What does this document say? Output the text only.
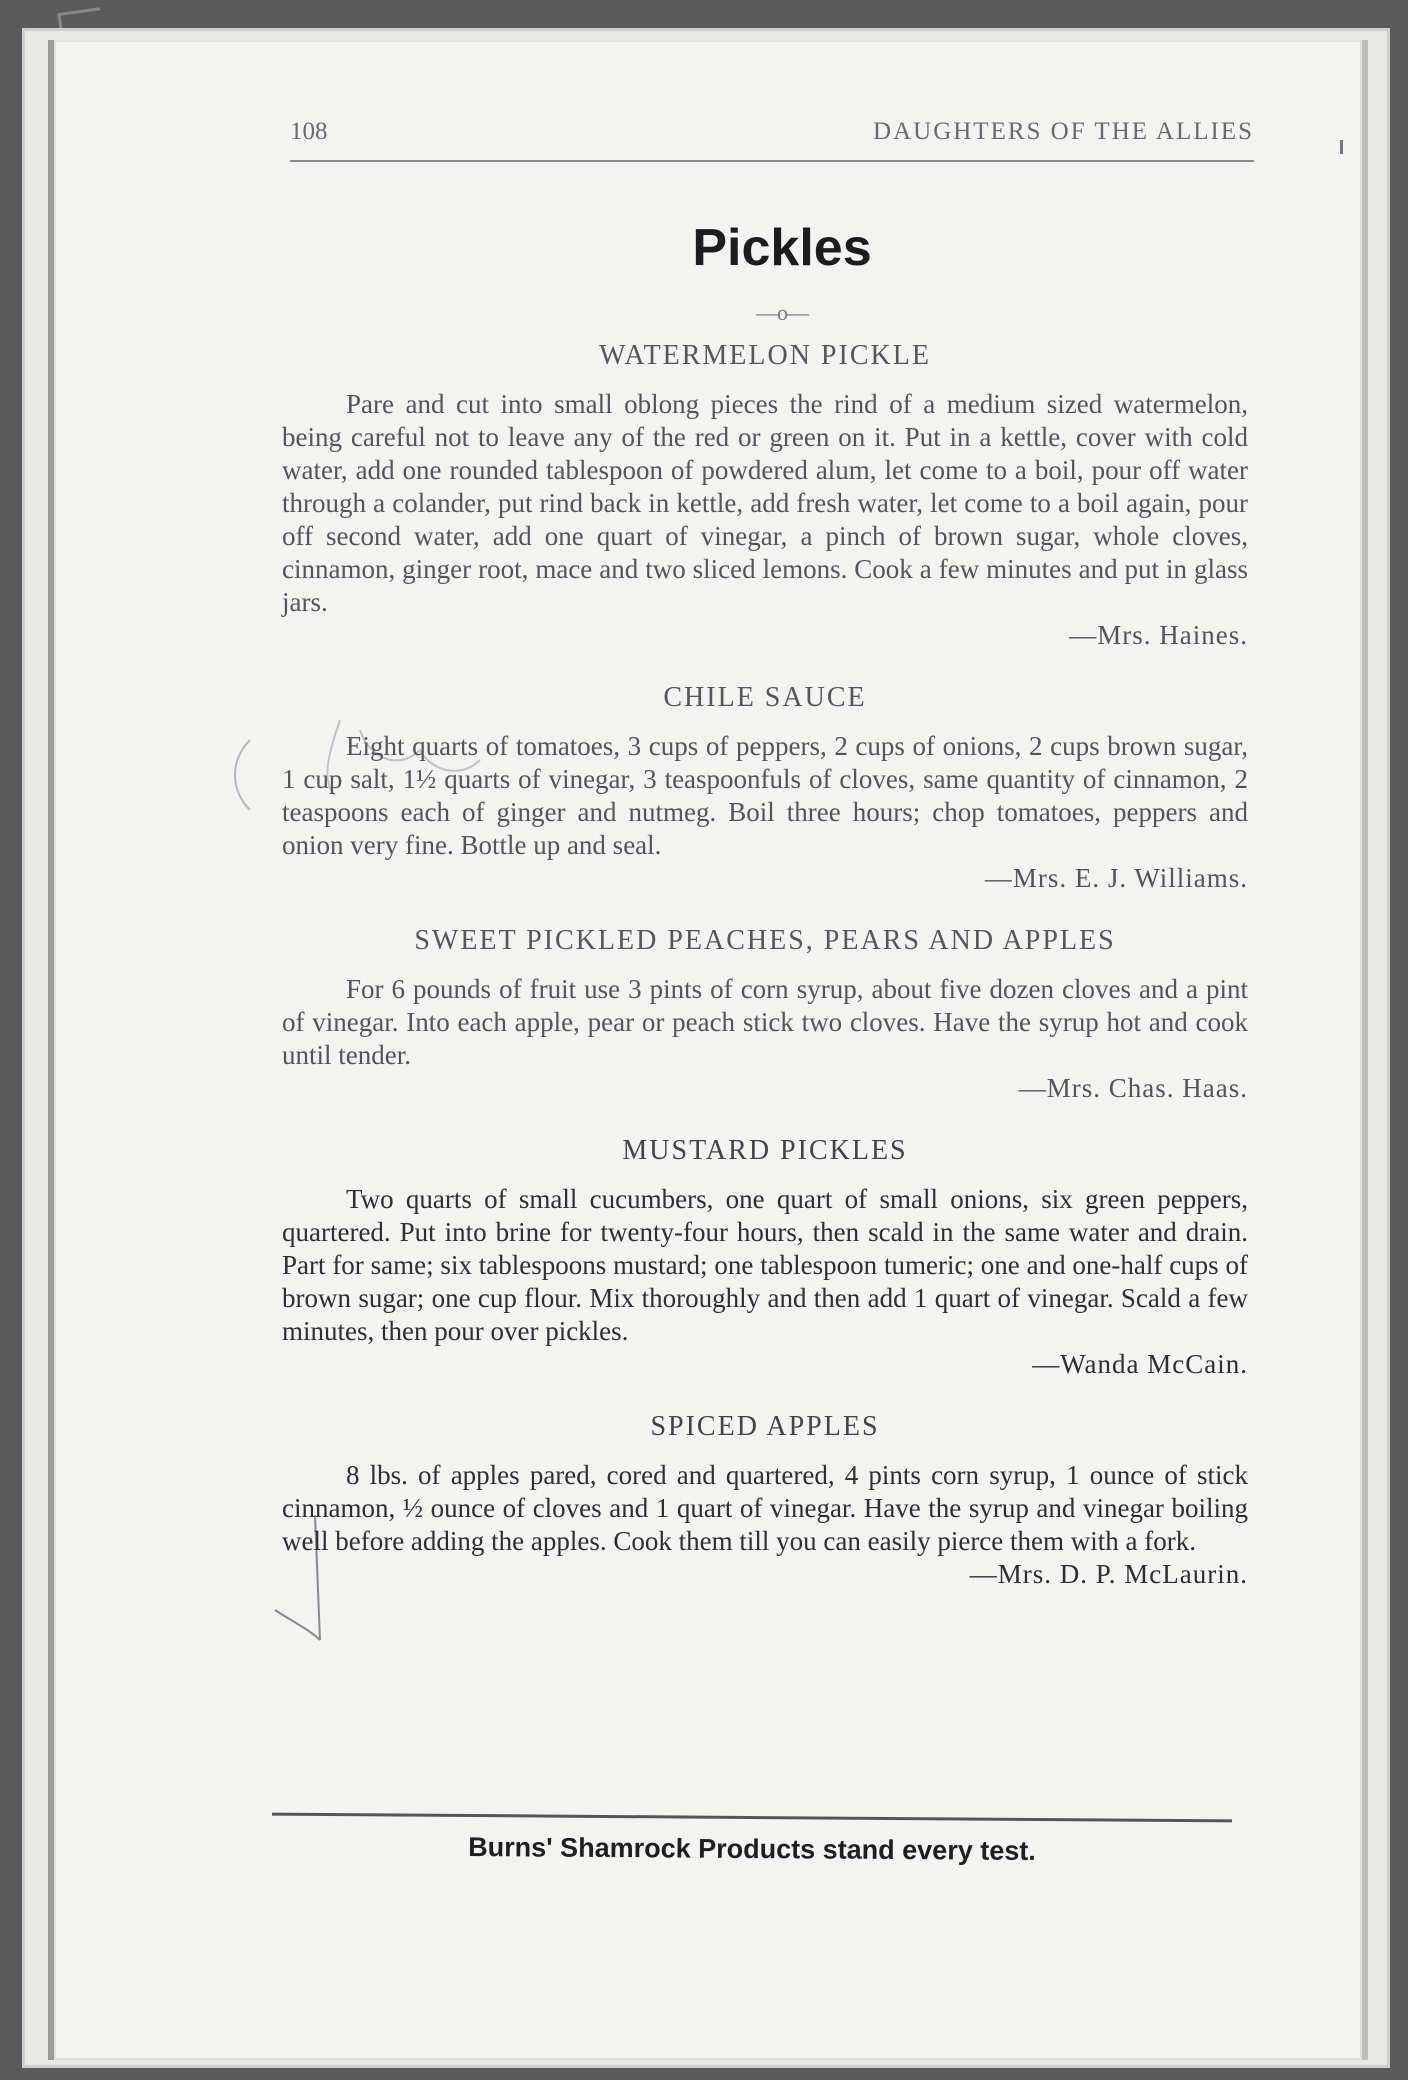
108	DAUGHTERS OF THE ALLIES
Pickles
—o—
WATERMELON PICKLE

Pare and cut into small oblong pieces the rind of a medium sized watermelon, being careful not to leave any of the red or green on it. Put in a kettle, cover with cold water, add one rounded tablespoon of powdered alum, let come to a boil, pour off water through a colander, put rind back in kettle, add fresh water, let come to a boil again, pour off second water, add one quart of vinegar, a pinch of brown sugar, whole cloves, cinnamon, ginger root, mace and two sliced lemons. Cook a few minutes and put in glass jars.

—Mrs. Haines.

CHILE SAUCE

Eight quarts of tomatoes, 3 cups of peppers, 2 cups of onions, 2 cups brown sugar, 1 cup salt, 1½ quarts of vinegar, 3 teaspoonfuls of cloves, same quantity of cinnamon, 2 teaspoons each of ginger and nutmeg. Boil three hours; chop tomatoes, peppers and onion very fine. Bottle up and seal.

—Mrs. E. J. Williams.

SWEET PICKLED PEACHES, PEARS AND APPLES

For 6 pounds of fruit use 3 pints of corn syrup, about five dozen cloves and a pint of vinegar. Into each apple, pear or peach stick two cloves. Have the syrup hot and cook until tender.

—Mrs. Chas. Haas.

MUSTARD PICKLES

Two quarts of small cucumbers, one quart of small onions, six green peppers, quartered. Put into brine for twenty-four hours, then scald in the same water and drain. Part for same; six tablespoons mustard; one tablespoon tumeric; one and one-half cups of brown sugar; one cup flour. Mix thoroughly and then add 1 quart of vinegar. Scald a few minutes, then pour over pickles.

—Wanda McCain.

SPICED APPLES

8 lbs. of apples pared, cored and quartered, 4 pints corn syrup, 1 ounce of stick cinnamon, ½ ounce of cloves and 1 quart of vinegar. Have the syrup and vinegar boiling well before adding the apples. Cook them till you can easily pierce them with a fork.

—Mrs. D. P. McLaurin.

Burns' Shamrock Products stand every test.
